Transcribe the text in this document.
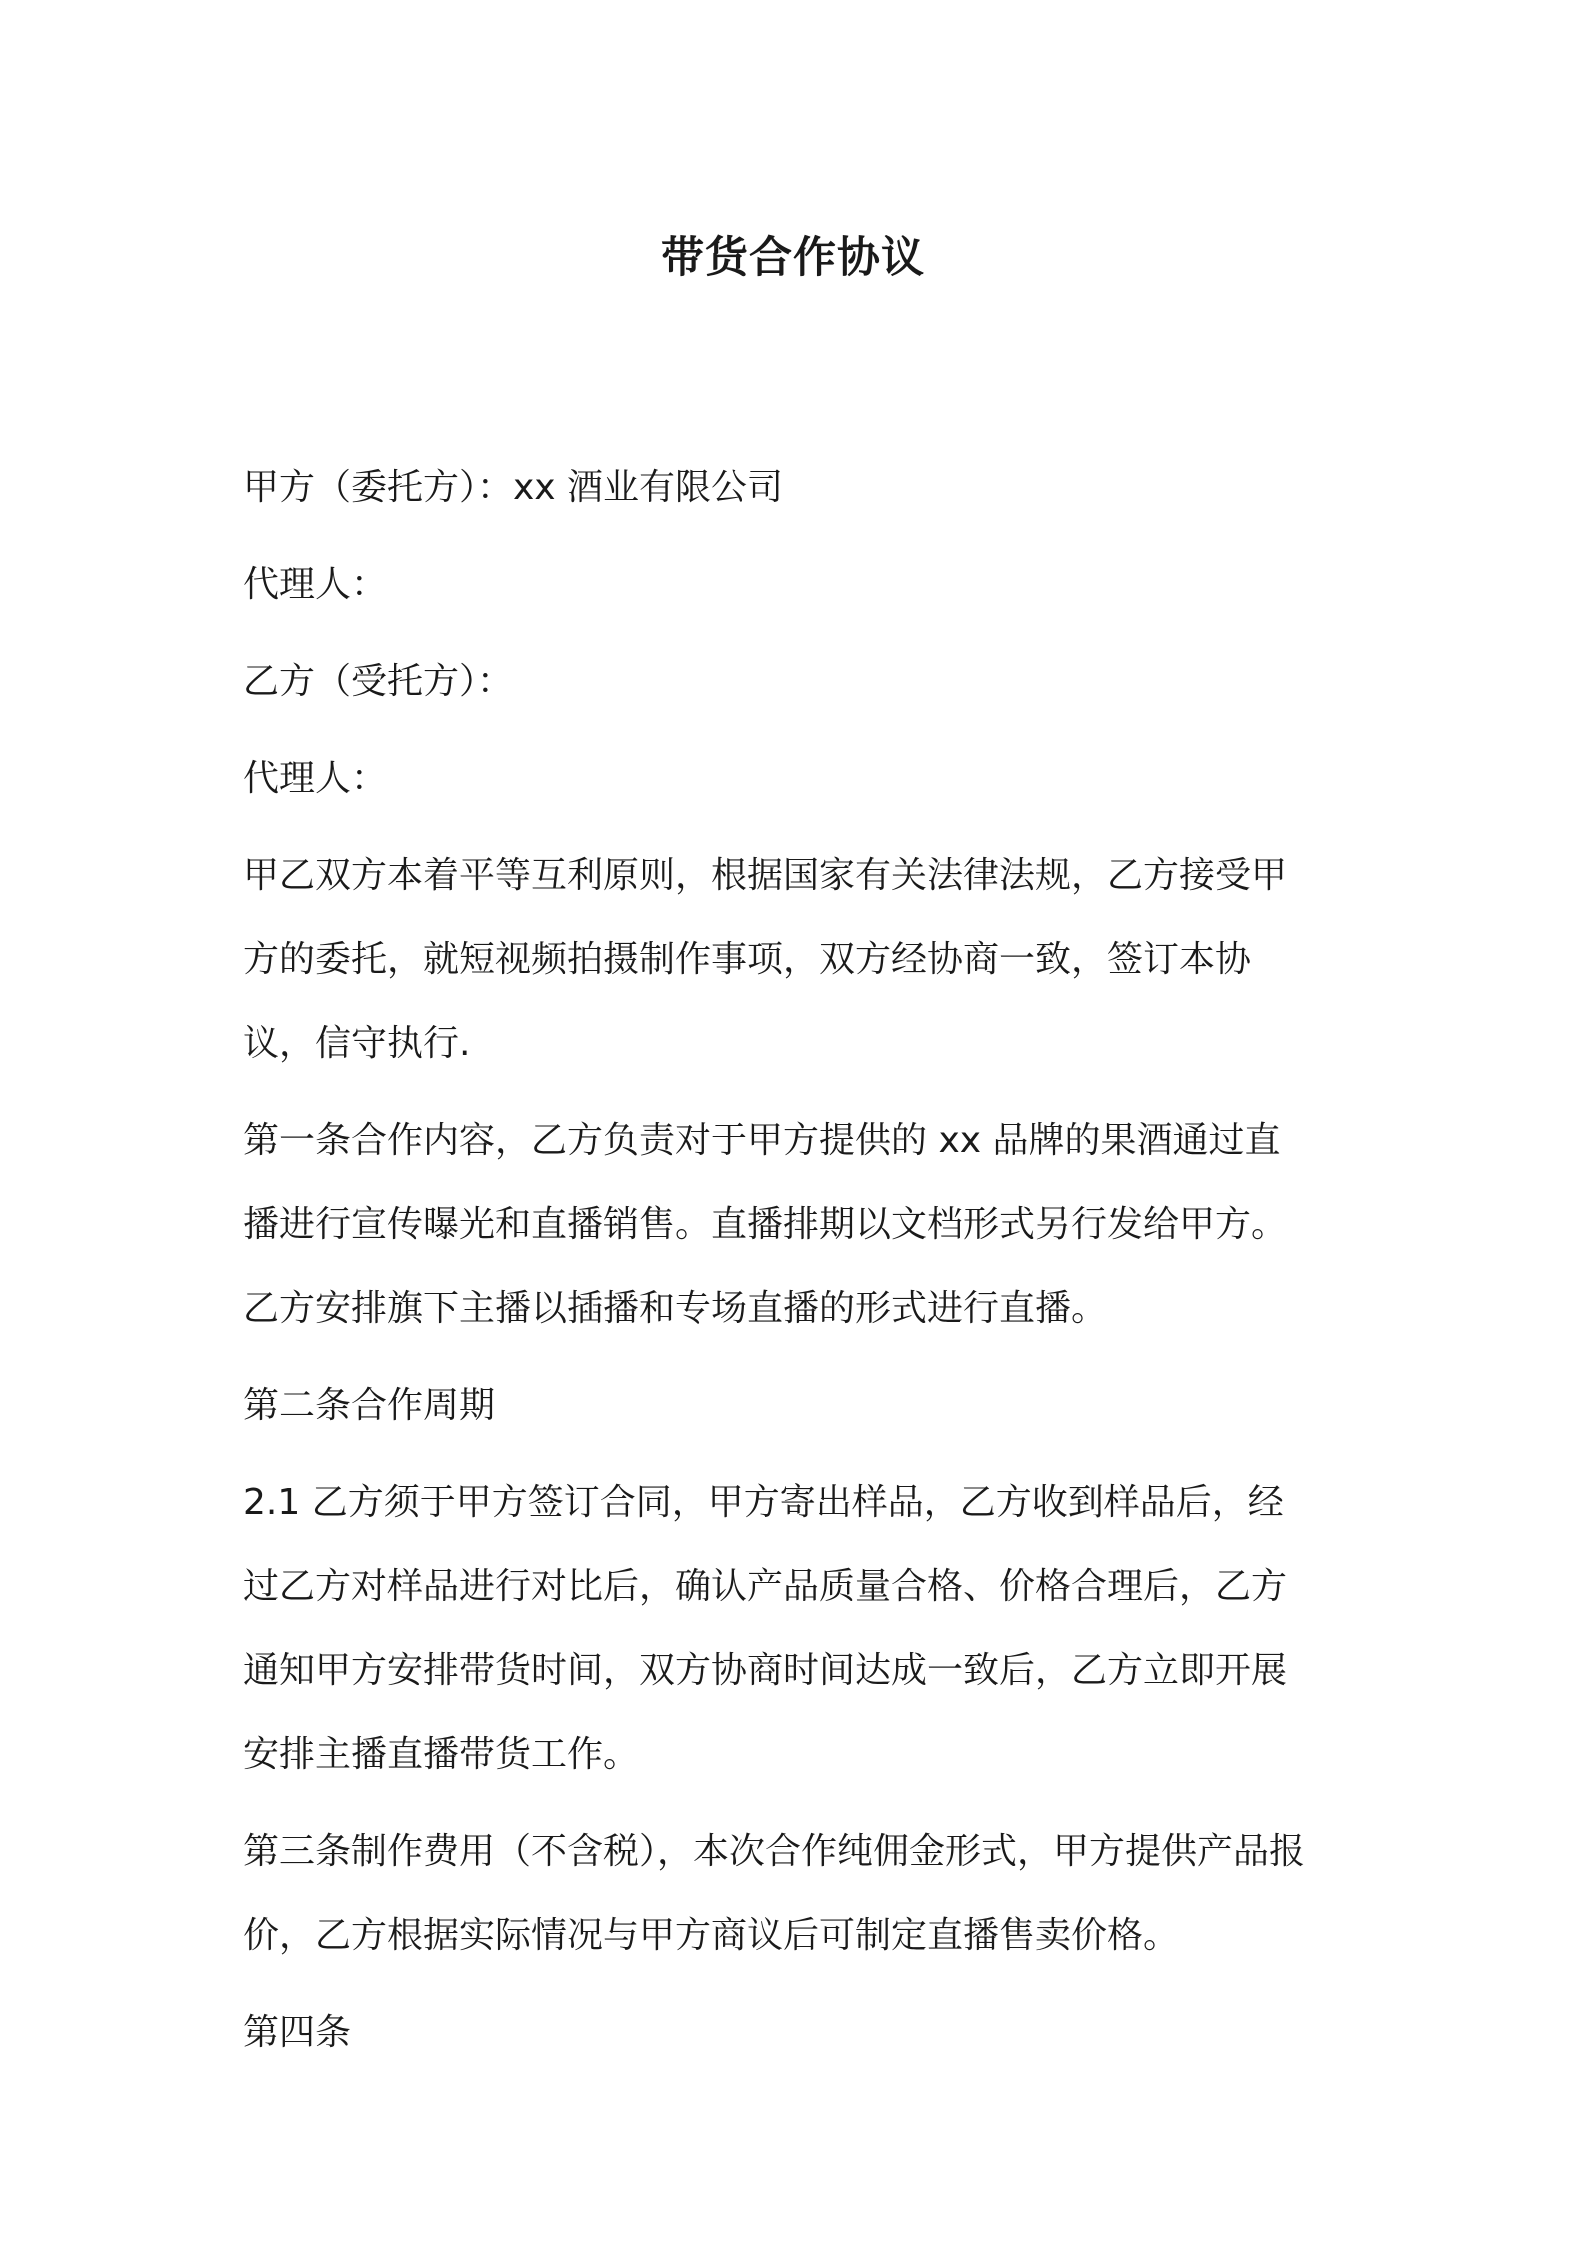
带货合作协议

甲方（委托方）：xx 酒业有限公司

代理人：

乙方（受托方）：

代理人：

甲乙双方本着平等互利原则，根据国家有关法律法规，乙方接受甲方的委托，就短视频拍摄制作事项，双方经协商一致，签订本协议，信守执行.

第一条合作内容，乙方负责对于甲方提供的 xx 品牌的果酒通过直播进行宣传曝光和直播销售。直播排期以文档形式另行发给甲方。乙方安排旗下主播以插播和专场直播的形式进行直播。

第二条合作周期

2.1 乙方须于甲方签订合同，甲方寄出样品，乙方收到样品后，经过乙方对样品进行对比后，确认产品质量合格、价格合理后，乙方通知甲方安排带货时间，双方协商时间达成一致后，乙方立即开展安排主播直播带货工作。

第三条制作费用（不含税），本次合作纯佣金形式，甲方提供产品报价，乙方根据实际情况与甲方商议后可制定直播售卖价格。

第四条
